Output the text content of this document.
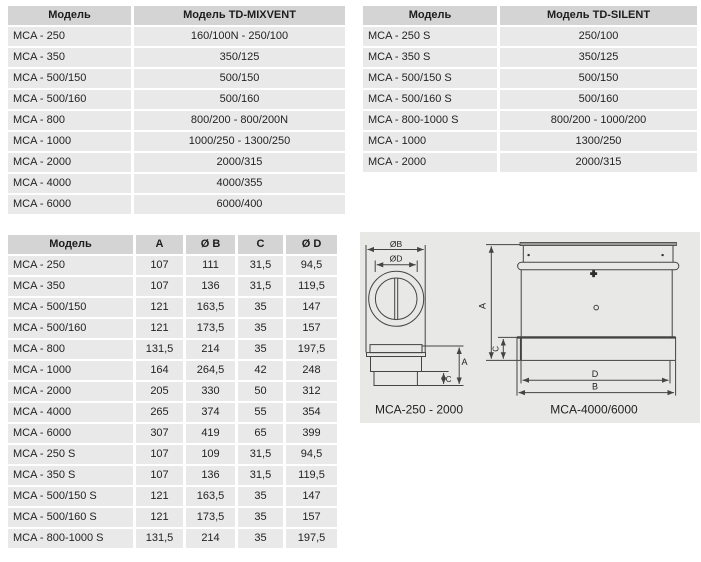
Модель	Модель TD-MIXVENT
MCA - 250	160/100N - 250/100
MCA - 350	350/125
MCA - 500/150	500/150
MCA - 500/160	500/160
MCA - 800	800/200 - 800/200N
MCA - 1000	1000/250 - 1300/250
MCA - 2000	2000/315
MCA - 4000	4000/355
MCA - 6000	6000/400
Модель	Модель TD-SILENT
MCA - 250 S	250/100
MCA - 350 S	350/125
MCA - 500/150 S	500/150
MCA - 500/160 S	500/160
MCA - 800-1000 S	800/200 - 1000/200
MCA - 1000	1300/250
MCA - 2000	2000/315
Модель	A	Ø B	C	Ø D
MCA - 250	107	111	31,5	94,5
MCA - 350	107	136	31,5	119,5
MCA - 500/150	121	163,5	35	147
MCA - 500/160	121	173,5	35	157
MCA - 800	131,5	214	35	197,5
MCA - 1000	164	264,5	42	248
MCA - 2000	205	330	50	312
MCA - 4000	265	374	55	354
MCA - 6000	307	419	65	399
MCA - 250 S	107	109	31,5	94,5
MCA - 350 S	107	136	31,5	119,5
MCA - 500/150 S	121	163,5	35	147
MCA - 500/160 S	121	173,5	35	157
MCA - 800-1000 S	131,5	214	35	197,5
ØB
ØD
A
C
A
C
D
B
MCA-250 - 2000	MCA-4000/6000
